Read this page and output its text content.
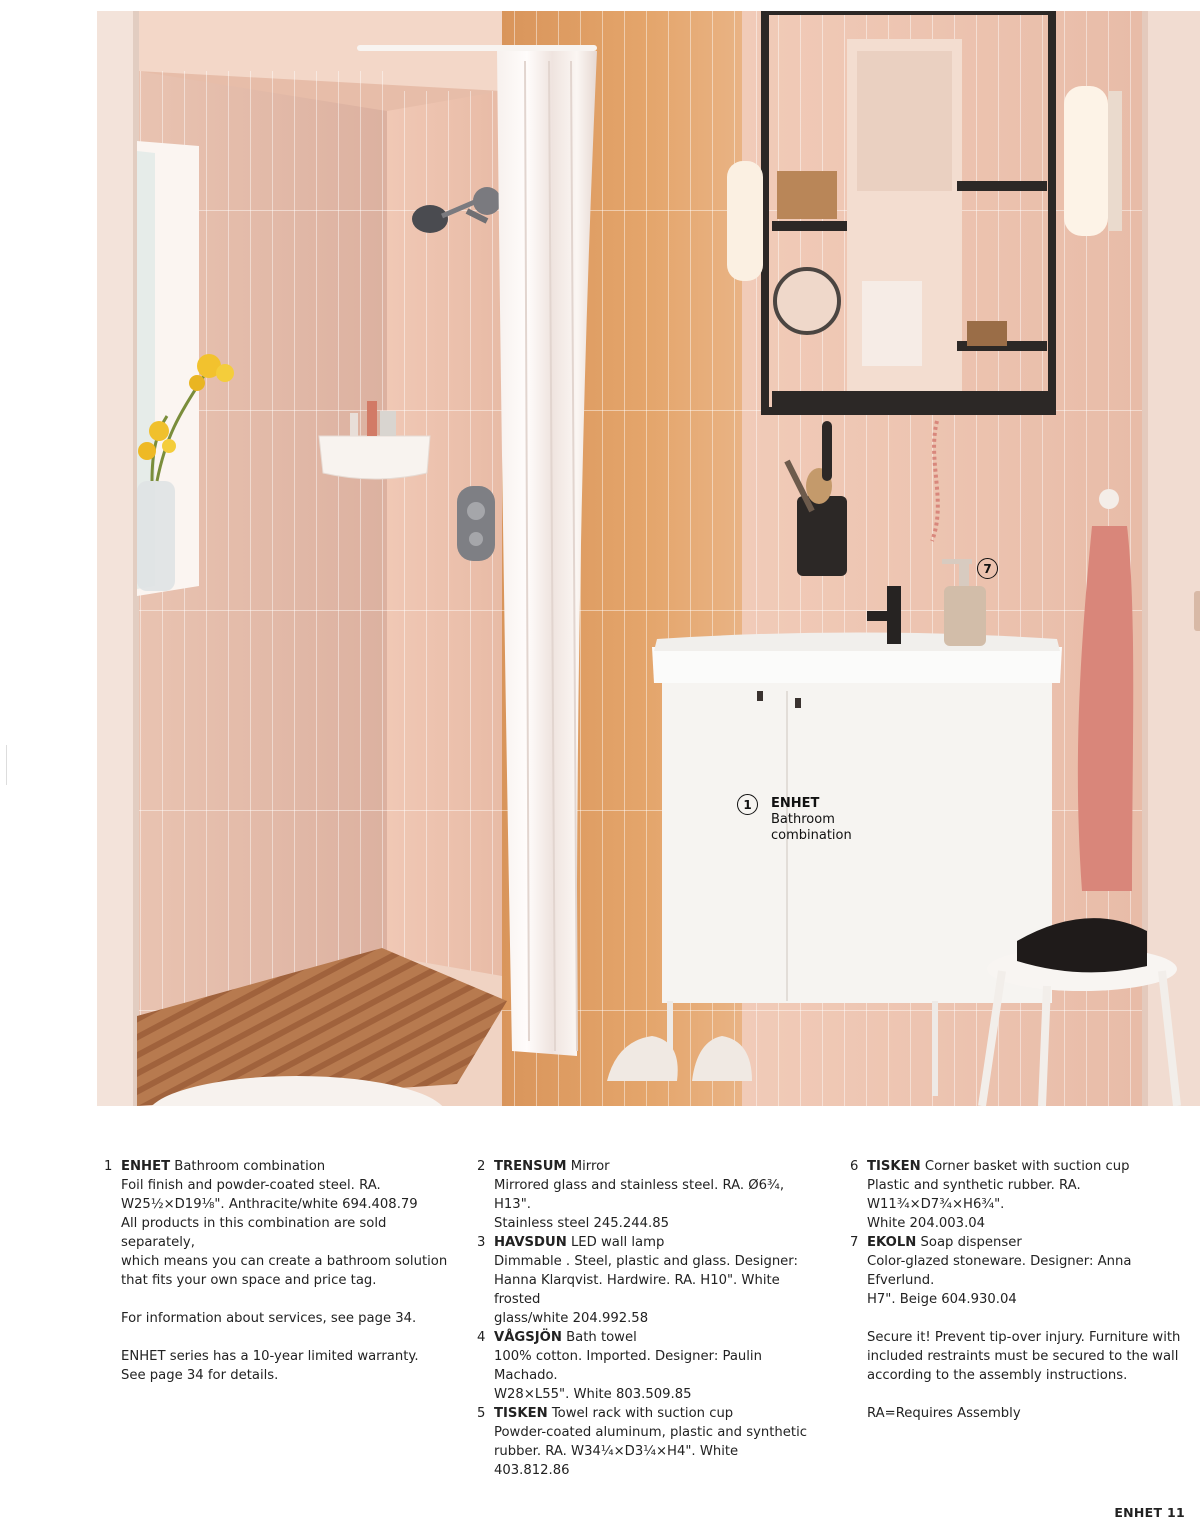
1	ENHET
Bathroom
combination
7
1 ENHET Bathroom combination
Foil finish and powder-coated steel. RA.
W25½×D19⅛". Anthracite/white 694.408.79
All products in this combination are sold separately,
which means you can create a bathroom solution
that fits your own space and price tag.
For information about services, see page 34.
ENHET series has a 10-year limited warranty.
See page 34 for details.
2 TRENSUM Mirror
Mirrored glass and stainless steel. RA. Ø6¾, H13".
Stainless steel 245.244.85
3 HAVSDUN LED wall lamp
Dimmable . Steel, plastic and glass. Designer:
Hanna Klarqvist. Hardwire. RA. H10". White frosted
glass/white 204.992.58
4 VÅGSJÖN Bath towel
100% cotton. Imported. Designer: Paulin Machado.
W28×L55". White 803.509.85
5 TISKEN Towel rack with suction cup
Powder-coated aluminum, plastic and synthetic
rubber. RA. W34¼×D3¼×H4". White 403.812.86
6 TISKEN Corner basket with suction cup
Plastic and synthetic rubber. RA. W11¾×D7¾×H6¾".
White 204.003.04
7 EKOLN Soap dispenser
Color-glazed stoneware. Designer: Anna Efverlund.
H7". Beige 604.930.04
Secure it! Prevent tip-over injury. Furniture with
included restraints must be secured to the wall
according to the assembly instructions.
RA=Requires Assembly
ENHET 11
